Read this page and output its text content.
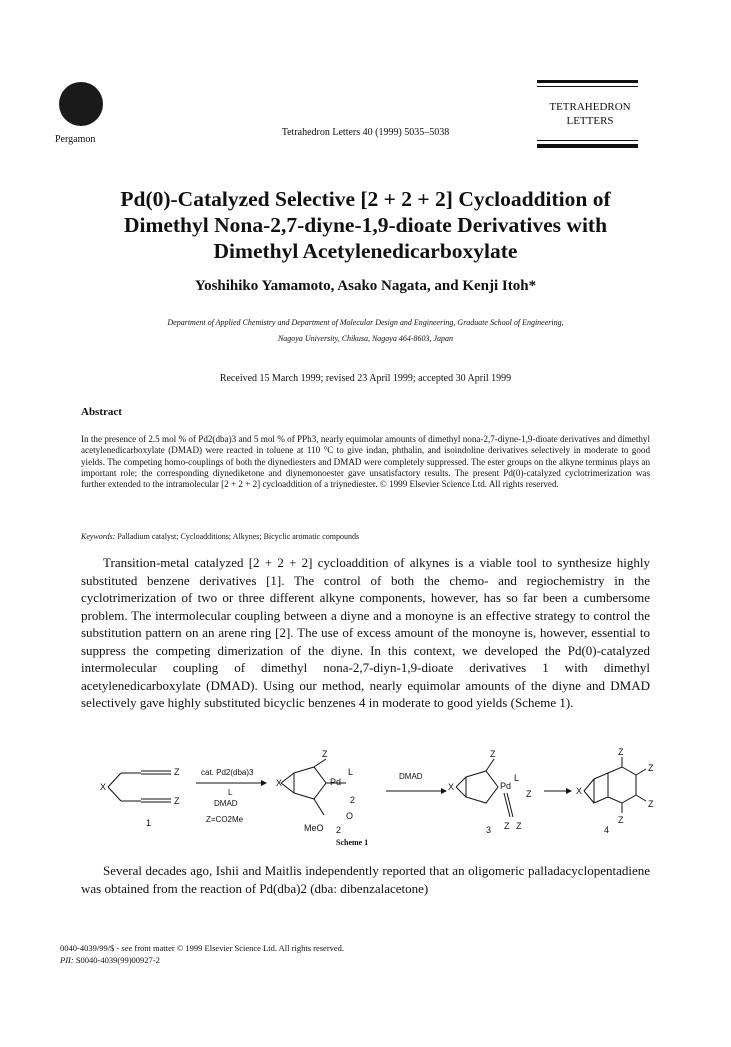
Pergamon
Tetrahedron Letters 40 (1999) 5035–5038
TETRAHEDRON
LETTERS
Pd(0)-Catalyzed Selective [2 + 2 + 2] Cycloaddition of
Dimethyl Nona-2,7-diyne-1,9-dioate Derivatives with
Dimethyl Acetylenedicarboxylate
Yoshihiko Yamamoto, Asako Nagata, and Kenji Itoh*
Department of Applied Chemistry and Department of Molecular Design and Engineering, Graduate School of Engineering,
Nagoya University, Chikusa, Nagoya 464-8603, Japan
Received 15 March 1999; revised 23 April 1999; accepted 30 April 1999
Abstract
In the presence of 2.5 mol % of Pd2(dba)3 and 5 mol % of PPh3, nearly equimolar amounts of dimethyl nona-2,7-diyne-1,9-dioate derivatives and dimethyl acetylenedicarboxylate (DMAD) were reacted in toluene at 110 °C to give indan, phthalin, and isoindoline derivatives selectively in moderate to good yields. The competing homo-couplings of both the diynediesters and DMAD were completely suppressed. The ester groups on the alkyne terminus plays an important role; the corresponding diynediketone and diynemonoester gave unsatisfactory results. The present Pd(0)-catalyzed cyclotrimerization was further extended to the intramolecular [2 + 2 + 2] cycloaddition of a triynediester. © 1999 Elsevier Science Ltd. All rights reserved.
Keywords: Palladium catalyst; Cycloadditions; Alkynes; Bicyclic aromatic compounds
Transition-metal catalyzed [2 + 2 + 2] cycloaddition of alkynes is a viable tool to synthesize highly substituted benzene derivatives [1]. The control of both the chemo- and regiochemistry in the cyclotrimerization of two or three different alkyne components, however, has so far been a cumbersome problem. The intermolecular coupling between a diyne and a monoyne is an effective strategy to control the substitution pattern on an arene ring [2]. The use of excess amount of the monoyne is, however, essential to suppress the competing dimerization of the diyne. In this context, we developed the Pd(0)-catalyzed intermolecular coupling of dimethyl nona-2,7-diyn-1,9-dioate derivatives 1 with dimethyl acetylenedicarboxylate (DMAD). Using our method, nearly equimolar amounts of the diyne and DMAD selectively gave highly substituted bicyclic benzenes 4 in moderate to good yields (Scheme 1).
X
Z
Z
1
cat. Pd2(dba)3
L
DMAD
Z=CO2Me
X
Z
Pd
L
2
O
MeO 2
DMAD
X
Z
Pd
L
Z
Z Z
3
X
Z
Z
Z
Z
4
Scheme 1
Several decades ago, Ishii and Maitlis independently reported that an oligomeric palladacyclopentadiene was obtained from the reaction of Pd(dba)2 (dba: dibenzalacetone)
0040-4039/99/$ - see front matter © 1999 Elsevier Science Ltd. All rights reserved.
PII: S0040-4039(99)00927-2
